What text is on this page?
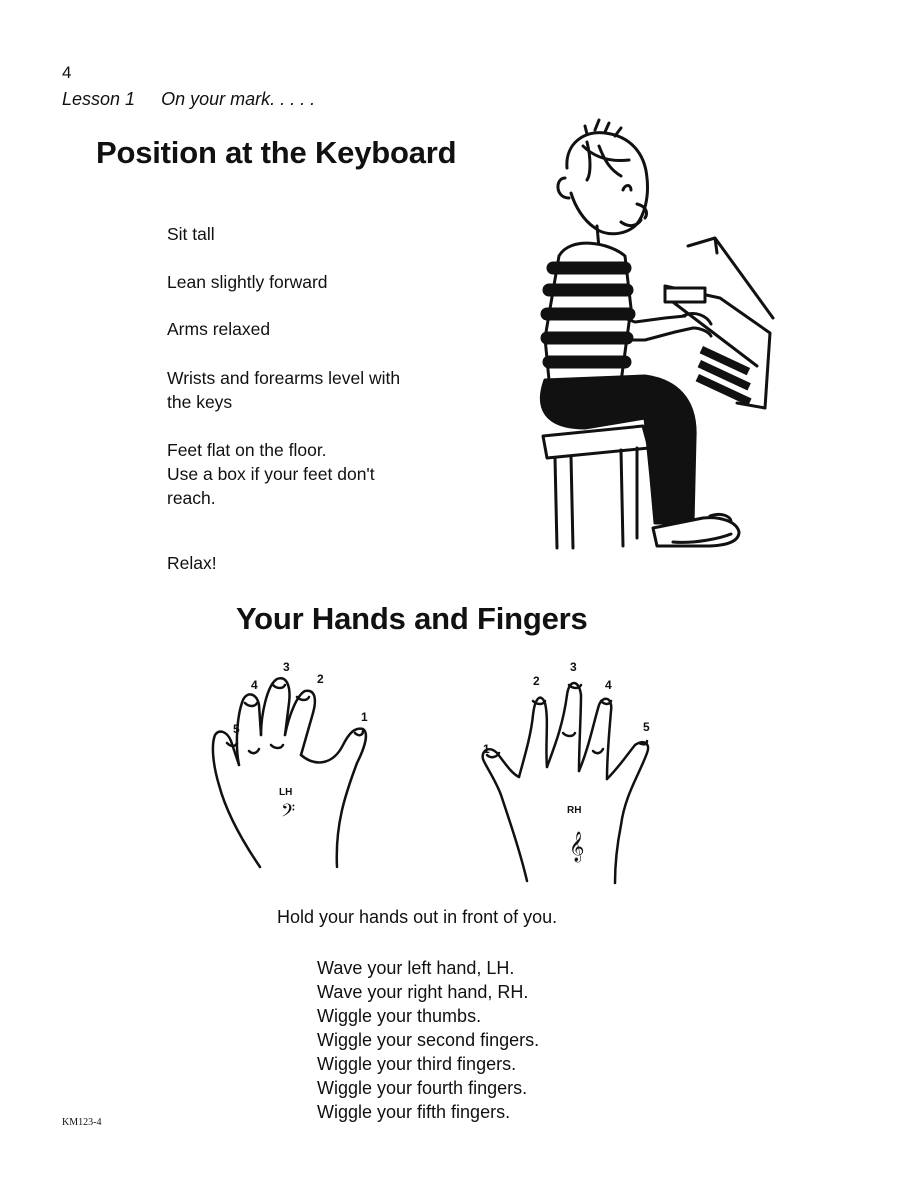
4
Lesson 1 On your mark. . . . .
Position at the Keyboard
Sit tall
Lean slightly forward
Arms relaxed
Wrists and forearms level with
the keys
Feet flat on the floor.
Use a box if your feet don't
reach.
Relax!
Your Hands and Fingers
5
4
3
2
1
LH
𝄢
1
2
3
4
5
RH
𝄞
Hold your hands out in front of you.
Wave your left hand, LH.
Wave your right hand, RH.
Wiggle your thumbs.
Wiggle your second fingers.
Wiggle your third fingers.
Wiggle your fourth fingers.
Wiggle your fifth fingers.
KM123-4
